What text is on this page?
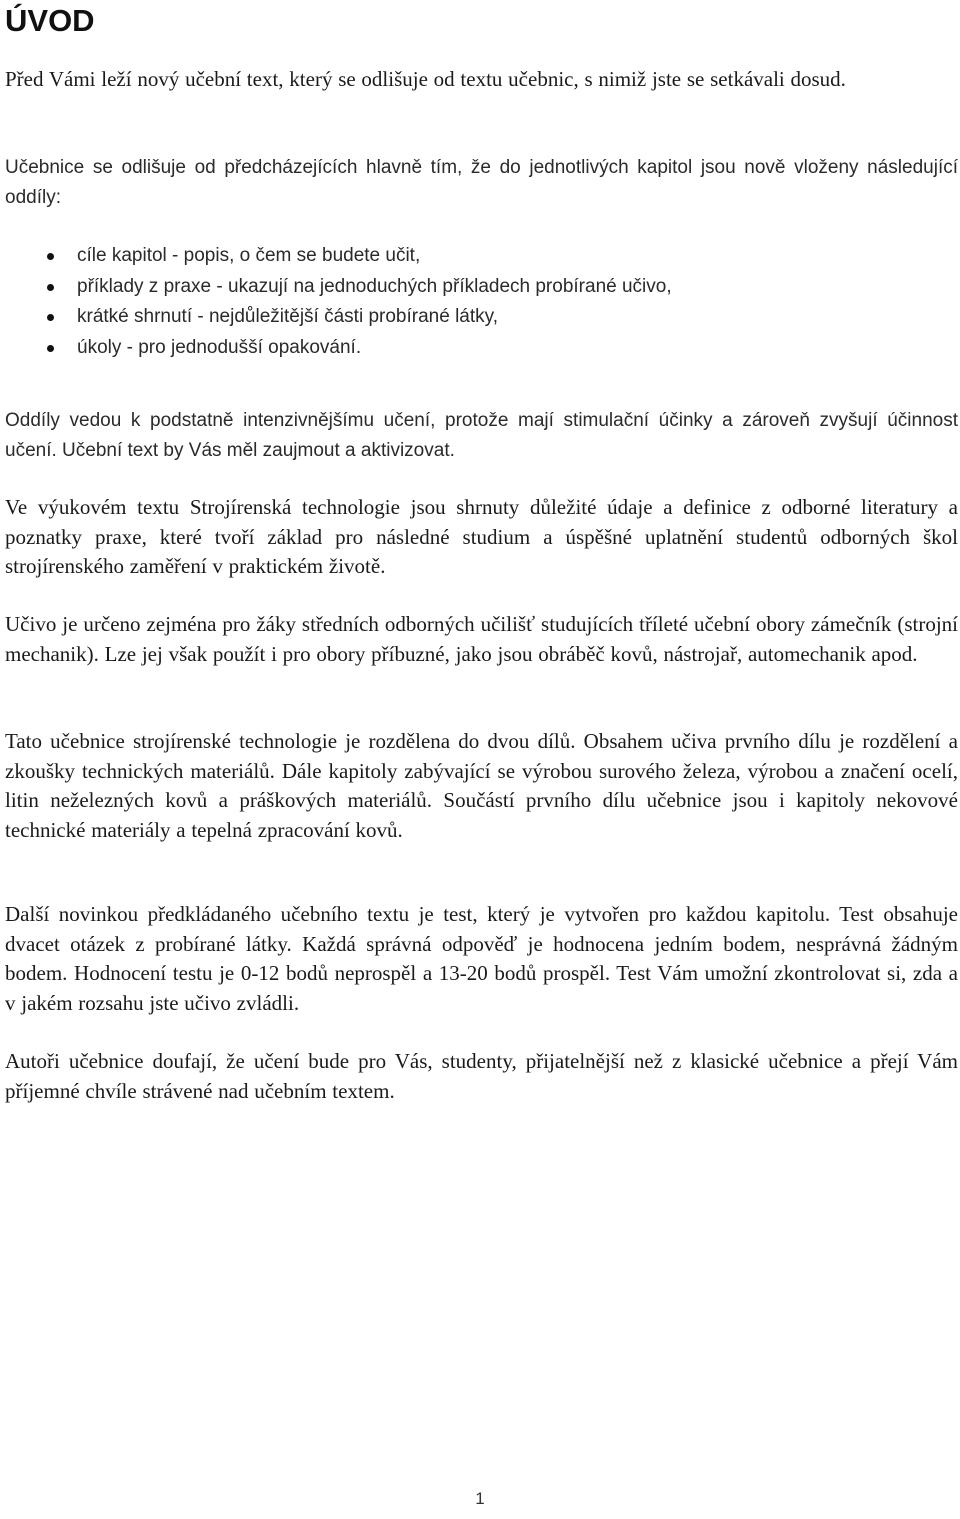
ÚVOD

Před Vámi leží nový učební text, který se odlišuje od textu učebnic, s nimiž jste se setkávali dosud.

Učebnice se odlišuje od předcházejících hlavně tím, že do jednotlivých kapitol jsou nově vloženy následující oddíly:

cíle kapitol - popis, o čem se budete učit,
příklady z praxe - ukazují na jednoduchých příkladech probírané učivo,
krátké shrnutí - nejdůležitější části probírané látky,
úkoly - pro jednodušší opakování.

Oddíly vedou k podstatně intenzivnějšímu učení, protože mají stimulační účinky a zároveň zvyšují účinnost učení. Učební text by Vás měl zaujmout a aktivizovat.

Ve výukovém textu Strojírenská technologie jsou shrnuty důležité údaje a definice z odborné literatury a poznatky praxe, které tvoří základ pro následné studium a úspěšné uplatnění studentů odborných škol strojírenského zaměření v praktickém životě.

Učivo je určeno zejména pro žáky středních odborných učilišť studujících tříleté učební obory zámečník (strojní mechanik). Lze jej však použít i pro obory příbuzné, jako jsou obráběč kovů, nástrojař, automechanik apod.

Tato učebnice strojírenské technologie je rozdělena do dvou dílů. Obsahem učiva prvního dílu je rozdělení a zkoušky technických materiálů. Dále kapitoly zabývající se výrobou surového železa, výrobou a značení ocelí, litin neželezných kovů a práškových materiálů. Součástí prvního dílu učebnice jsou i kapitoly nekovové technické materiály a tepelná zpracování kovů.

Další novinkou předkládaného učebního textu je test, který je vytvořen pro každou kapitolu. Test obsahuje dvacet otázek z probírané látky. Každá správná odpověď je hodnocena jedním bodem, nesprávná žádným bodem. Hodnocení testu je 0-12 bodů neprospěl a 13-20 bodů prospěl. Test Vám umožní zkontrolovat si, zda a v jakém rozsahu jste učivo zvládli.

Autoři učebnice doufají, že učení bude pro Vás, studenty, přijatelnější než z klasické učebnice a přejí Vám příjemné chvíle strávené nad učebním textem.

1
